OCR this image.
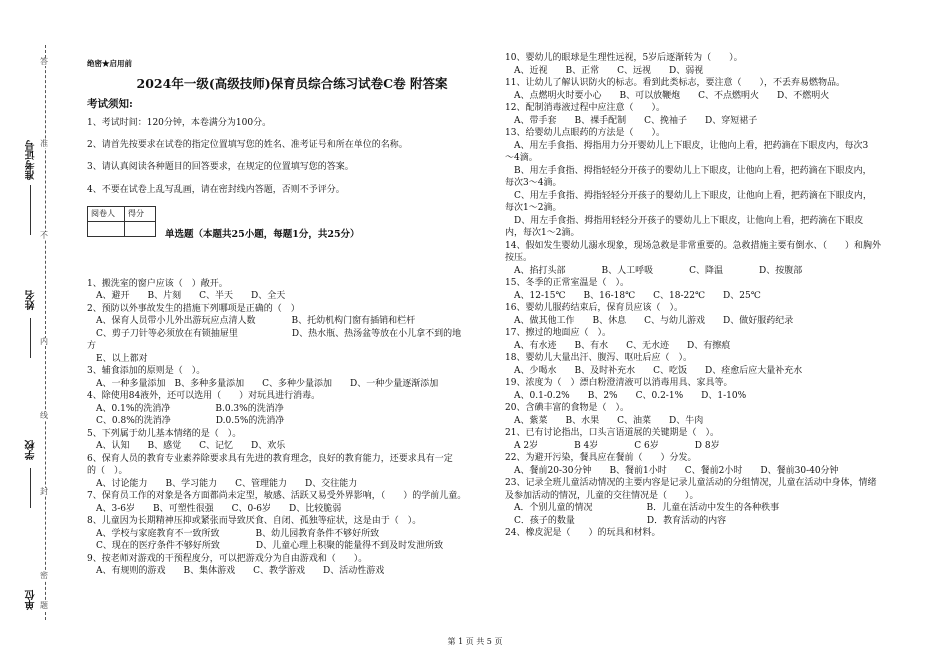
准考证号
姓名
学校
单位
答
准
不
内
线
封
密
题
绝密★启用前
2024年一级(高级技师)保育员综合练习试卷C卷 附答案
考试须知:
1、考试时间：120分钟，本卷满分为100分。
2、请首先按要求在试卷的指定位置填写您的姓名、准考证号和所在单位的名称。
3、请认真阅读各种题目的回答要求，在规定的位置填写您的答案。
4、不要在试卷上乱写乱画，请在密封线内答题，否则不予评分。
阅卷人	得分

单选题（本题共25小题，每题1分，共25分）
1、搬洗室的窗户应该（　）敞开。
　A、避开　　B、片刻　　C、半天　　D、全天
2、预防以外事故发生的措施下列哪项是正确的（　）
　A、保育人员带小儿外出游玩应点清人数　　　　B、托幼机构门窗有插销和栏杆
　C、剪子刀针等必须放在有锁抽屉里　　　　　　D、热水瓶、热汤盆等放在小儿拿不到的地
方
　E、以上都对
3、辅食添加的原则是（　）。
　A、一种多量添加　B、多种多量添加　　C、多种少量添加　　D、一种少量逐渐添加
4、除使用84液外，还可以选用（　　）对玩具进行消毒。
　A、0.1%的洗消净　　　　　B.0.3%的洗消净
　C、0.8%的洗消净　　　　　D.0.5%的洗消净
5、下列属于幼儿基本情绪的是（　）。
　A、认知　　B、感觉　　C、记忆　　D、欢乐
6、保育人员的教育专业素养除要求具有先进的教育理念，良好的教育能力，还要求具有一定
的（　）。
　A、讨论能力　　B、学习能力　　C、管理能力　　D、交往能力
7、保育员工作的对象是各方面都尚未定型，敏感、活跃又易受外界影响，（　　）的学前儿童。
　A、3-6岁　　B、可塑性很强　　C、0-6岁　　D、比较脆弱
8、儿童因为长期精神压抑或紧张而导致厌食、自闭、孤独等症状，这是由于（　）。
　A、学校与家庭教育不一致所致　　　　B、幼儿园教育条件不够好所致
　C、现在的医疗条件不够好所致　　　　D、儿童心理上积聚的能量得不到及时发泄所致
9、按老师对游戏的干预程度分，可以把游戏分为自由游戏和（　　）。
　A、有规则的游戏　　B、集体游戏　　C、教学游戏　　D、活动性游戏
10、婴幼儿的眼球是生理性远视，5岁后逐渐转为（　　）。
　A、近视　　B、正常　　C、远视　　D、弱视
11、让幼儿了解认识防火的标志。看到此类标志，要注意（　　），不丢弃易燃物品。
　A、点燃明火时要小心　　B、可以放鞭炮　　C、不点燃明火　　D、不燃明火
12、配制消毒液过程中应注意（　　）。
　A、带手套　　B、裸手配制　　C、挽袖子　　D、穿短裙子
13、给婴幼儿点眼药的方法是（　　）。
　A、用左手食指、拇指用力分开婴幼儿上下眼皮，让他向上看，把药滴在下眼皮内，每次3
～4滴。
　B、用左手食指、拇指轻轻分开孩子的婴幼儿上下眼皮，让他向上看，把药滴在下眼皮内，
每次3～4滴。
　C、用左手食指、拇指轻轻分开孩子的婴幼儿上下眼皮，让他向上看，把药滴在下眼皮内，
每次1～2滴。
　D、用左手食指、拇指用轻轻分开孩子的婴幼儿上下眼皮，让他向上看，把药滴在下眼皮
内，每次1～2滴。
14、假如发生婴幼儿溺水现象，现场急救是非常重要的。急救措施主要有倒水、（　　）和胸外
按压。
　A、掐打头部　　　　B、人工呼吸　　　　C、降温　　　　D、按腹部
15、冬季的正常室温是（　）。
　A、12-15℃　　B、16-18℃　　C、18-22℃　　D、25℃
16、婴幼儿服药结束后，保育员应该（　）。
　A、做其他工作　　B、休息　　C、与幼儿游戏　　D、做好服药纪录
17、擦过的地面应（　）。
　A、有水迹　　B、有水　　C、无水迹　　D、有擦痕
18、婴幼儿大量出汗、腹泻、呕吐后应（　）。
　A、少喝水　　B、及时补充水　　C、吃饭　　D、痊愈后应大量补充水
19、浓度为（　）漂白粉澄清液可以消毒用具、家具等。
　A、0.1-0.2%　　B、2%　　C、0.2-1%　　D、1-10%
20、含碘丰富的食物是（　）。
　A、紫菜　　B、水果　　C、油菜　　D、牛肉
21、已有讨论指出，口头言语道展的关键期是（　）。
　A 2岁　　　　B 4岁　　　　C 6岁　　　　D 8岁
22、为避开污染，餐具应在餐前（　　）分发。
　A、餐前20-30分钟　　B、餐前1小时　　C、餐前2小时　　D、餐前30-40分钟
23、记录全班儿童活动情况的主要内容是记录儿童活动的分组情况，儿童在活动中身体，情绪
及参加活动的情况，儿童的交往情况是（　　）。
　A．个别儿童的情况　　　　　　B．儿童在活动中发生的各种秩事
　C．孩子的数量　　　　　　　　D．教育活动的内容
24、橡皮泥是（　　）的玩具和材料。
第 1 页 共 5 页
